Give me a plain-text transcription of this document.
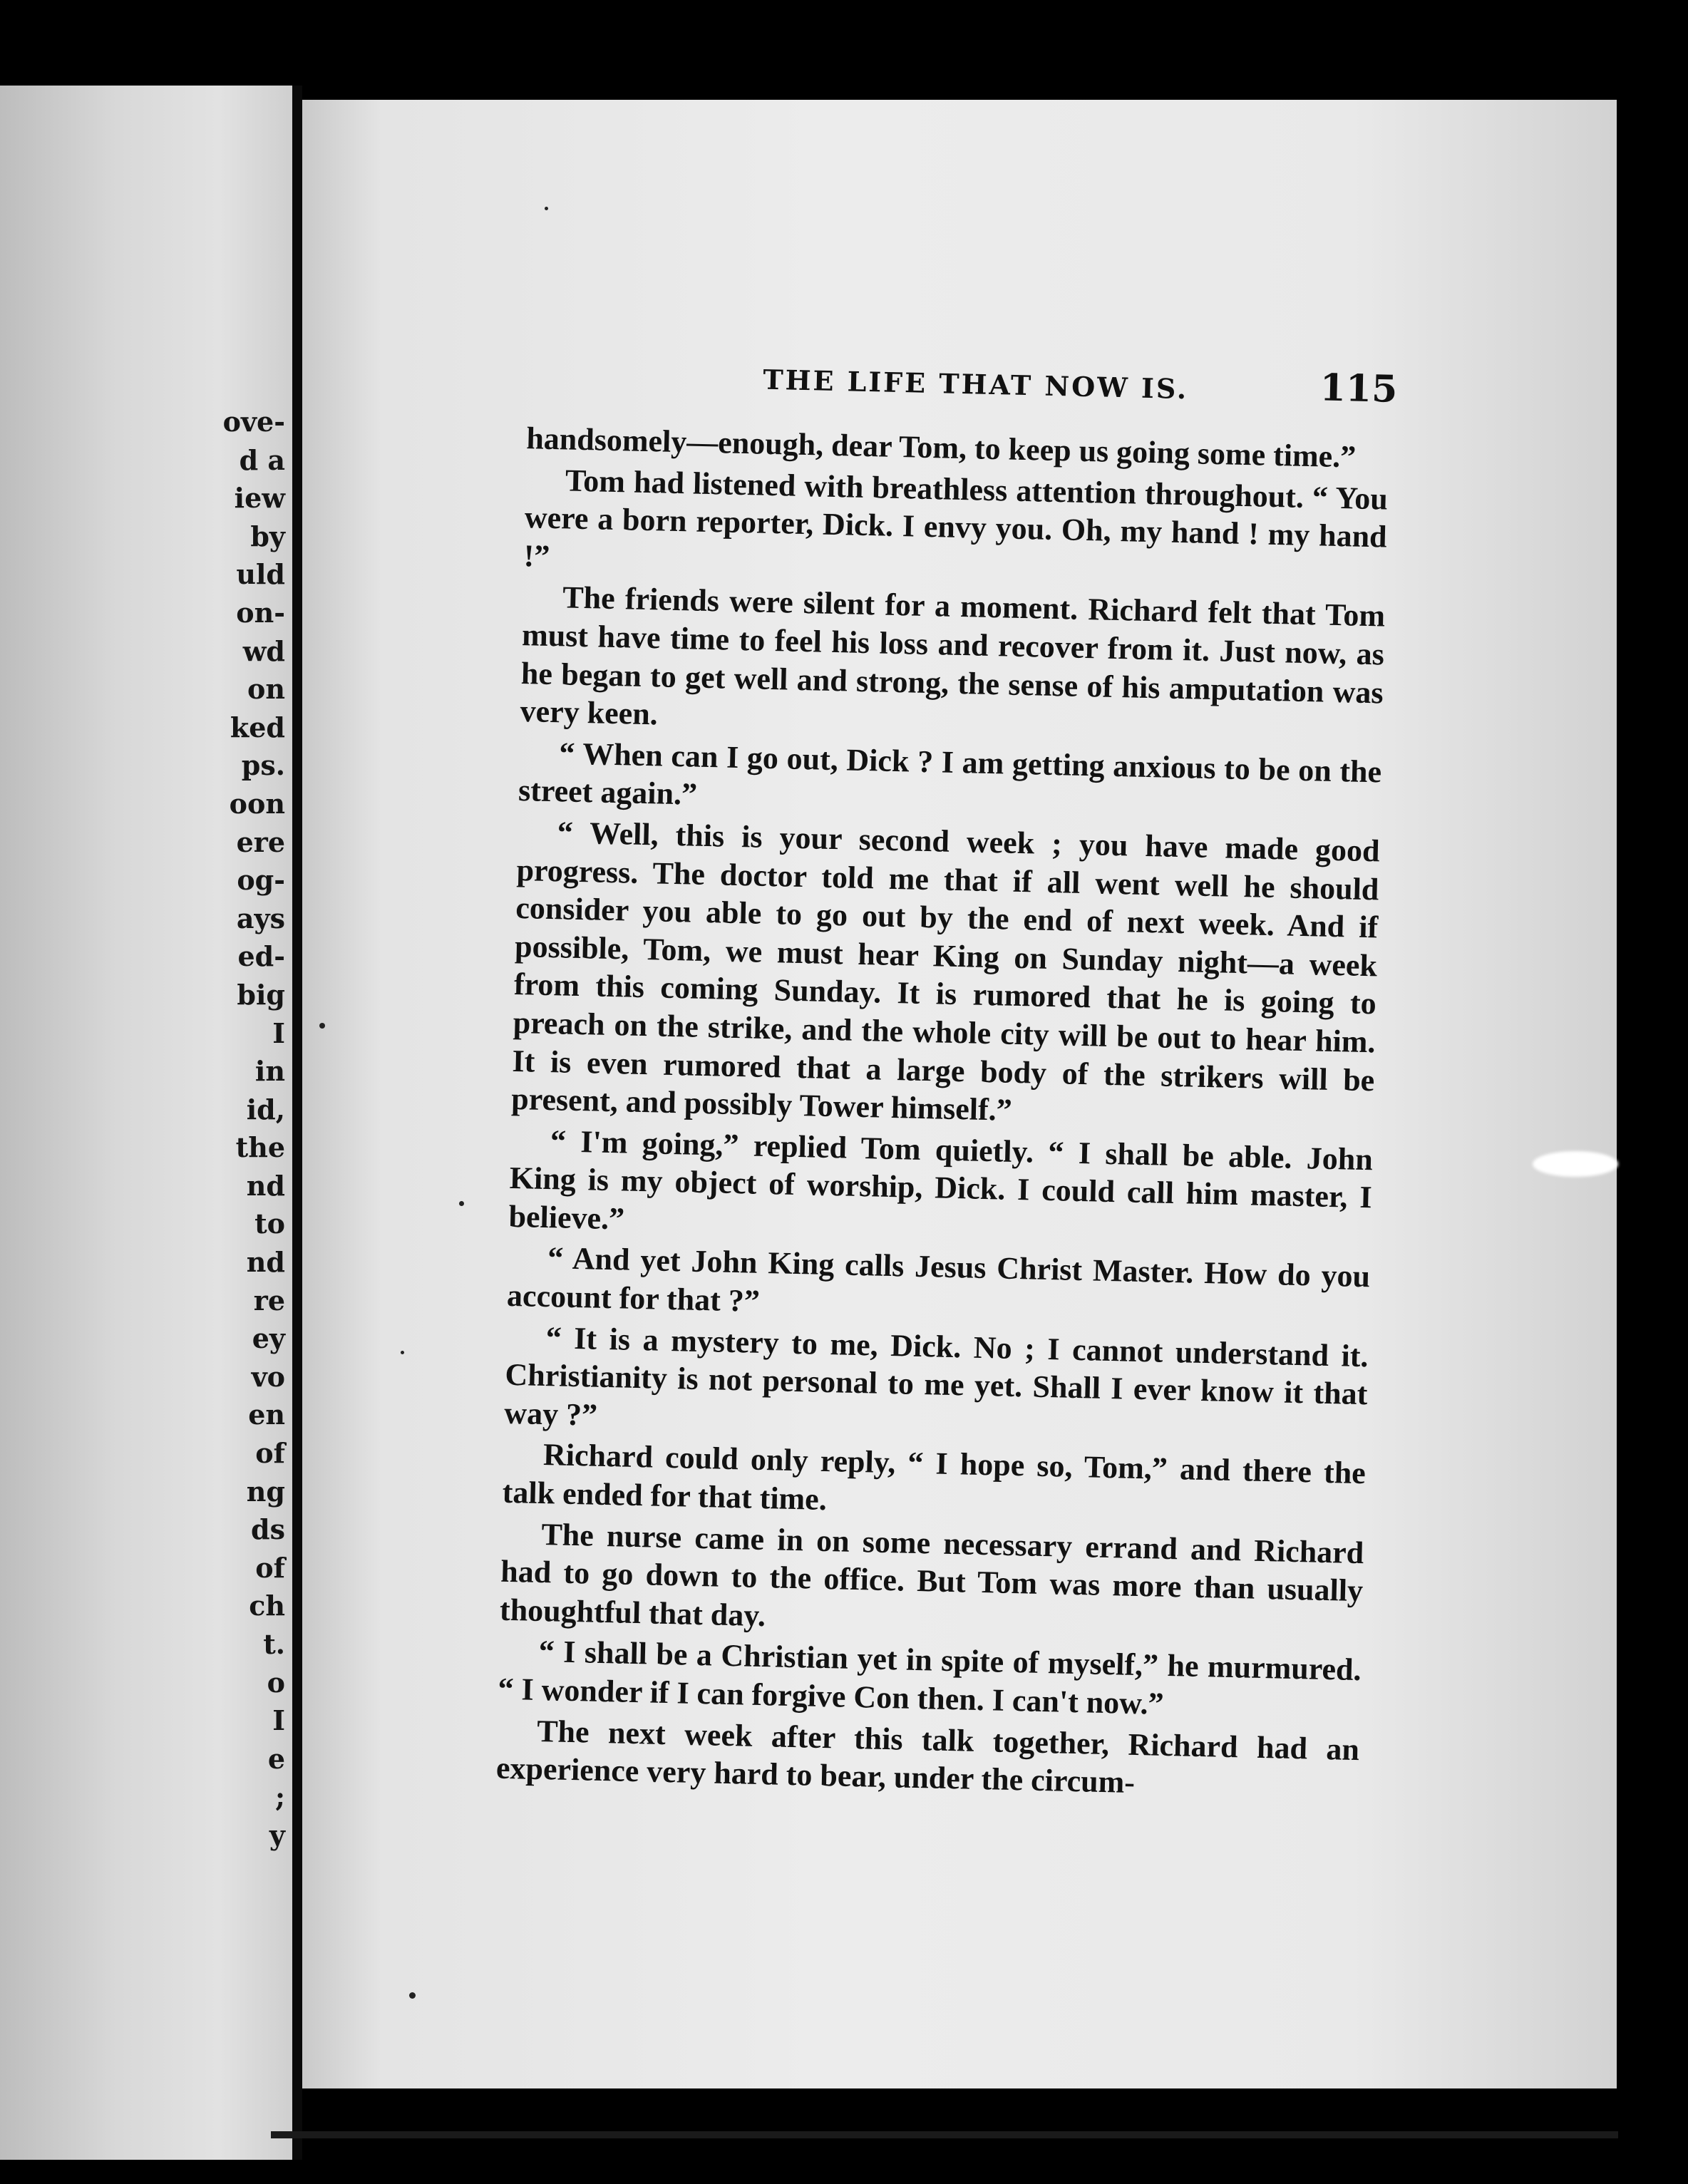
ove-
d a
iew
by
uld
on-
wd
on
ked
ps.
oon
ere
og-
ays
ed-
big
I
in
id,
the
nd
to
nd
re
ey
vo
en
of
ng
ds
of
ch
t.
o
I
e
;
y
THE LIFE THAT NOW IS.	115

handsomely—enough, dear Tom, to keep us going some time.”

Tom had listened with breathless attention throughout. “ You were a born reporter, Dick. I envy you. Oh, my hand ! my hand !”

The friends were silent for a moment. Richard felt that Tom must have time to feel his loss and recover from it. Just now, as he began to get well and strong, the sense of his amputation was very keen.

“ When can I go out, Dick ? I am getting anxious to be on the street again.”

“ Well, this is your second week ; you have made good progress. The doctor told me that if all went well he should consider you able to go out by the end of next week. And if possible, Tom, we must hear King on Sunday night—a week from this coming Sunday. It is rumored that he is going to preach on the strike, and the whole city will be out to hear him. It is even rumored that a large body of the strikers will be present, and possibly Tower himself.”

“ I'm going,” replied Tom quietly. “ I shall be able. John King is my object of worship, Dick. I could call him master, I believe.”

“ And yet John King calls Jesus Christ Master. How do you account for that ?”

“ It is a mystery to me, Dick. No ; I cannot understand it. Christianity is not personal to me yet. Shall I ever know it that way ?”

Richard could only reply, “ I hope so, Tom,” and there the talk ended for that time.

The nurse came in on some necessary errand and Richard had to go down to the office. But Tom was more than usually thoughtful that day.

“ I shall be a Christian yet in spite of myself,” he murmured. “ I wonder if I can forgive Con then. I can't now.”

The next week after this talk together, Richard had an experience very hard to bear, under the circum-
